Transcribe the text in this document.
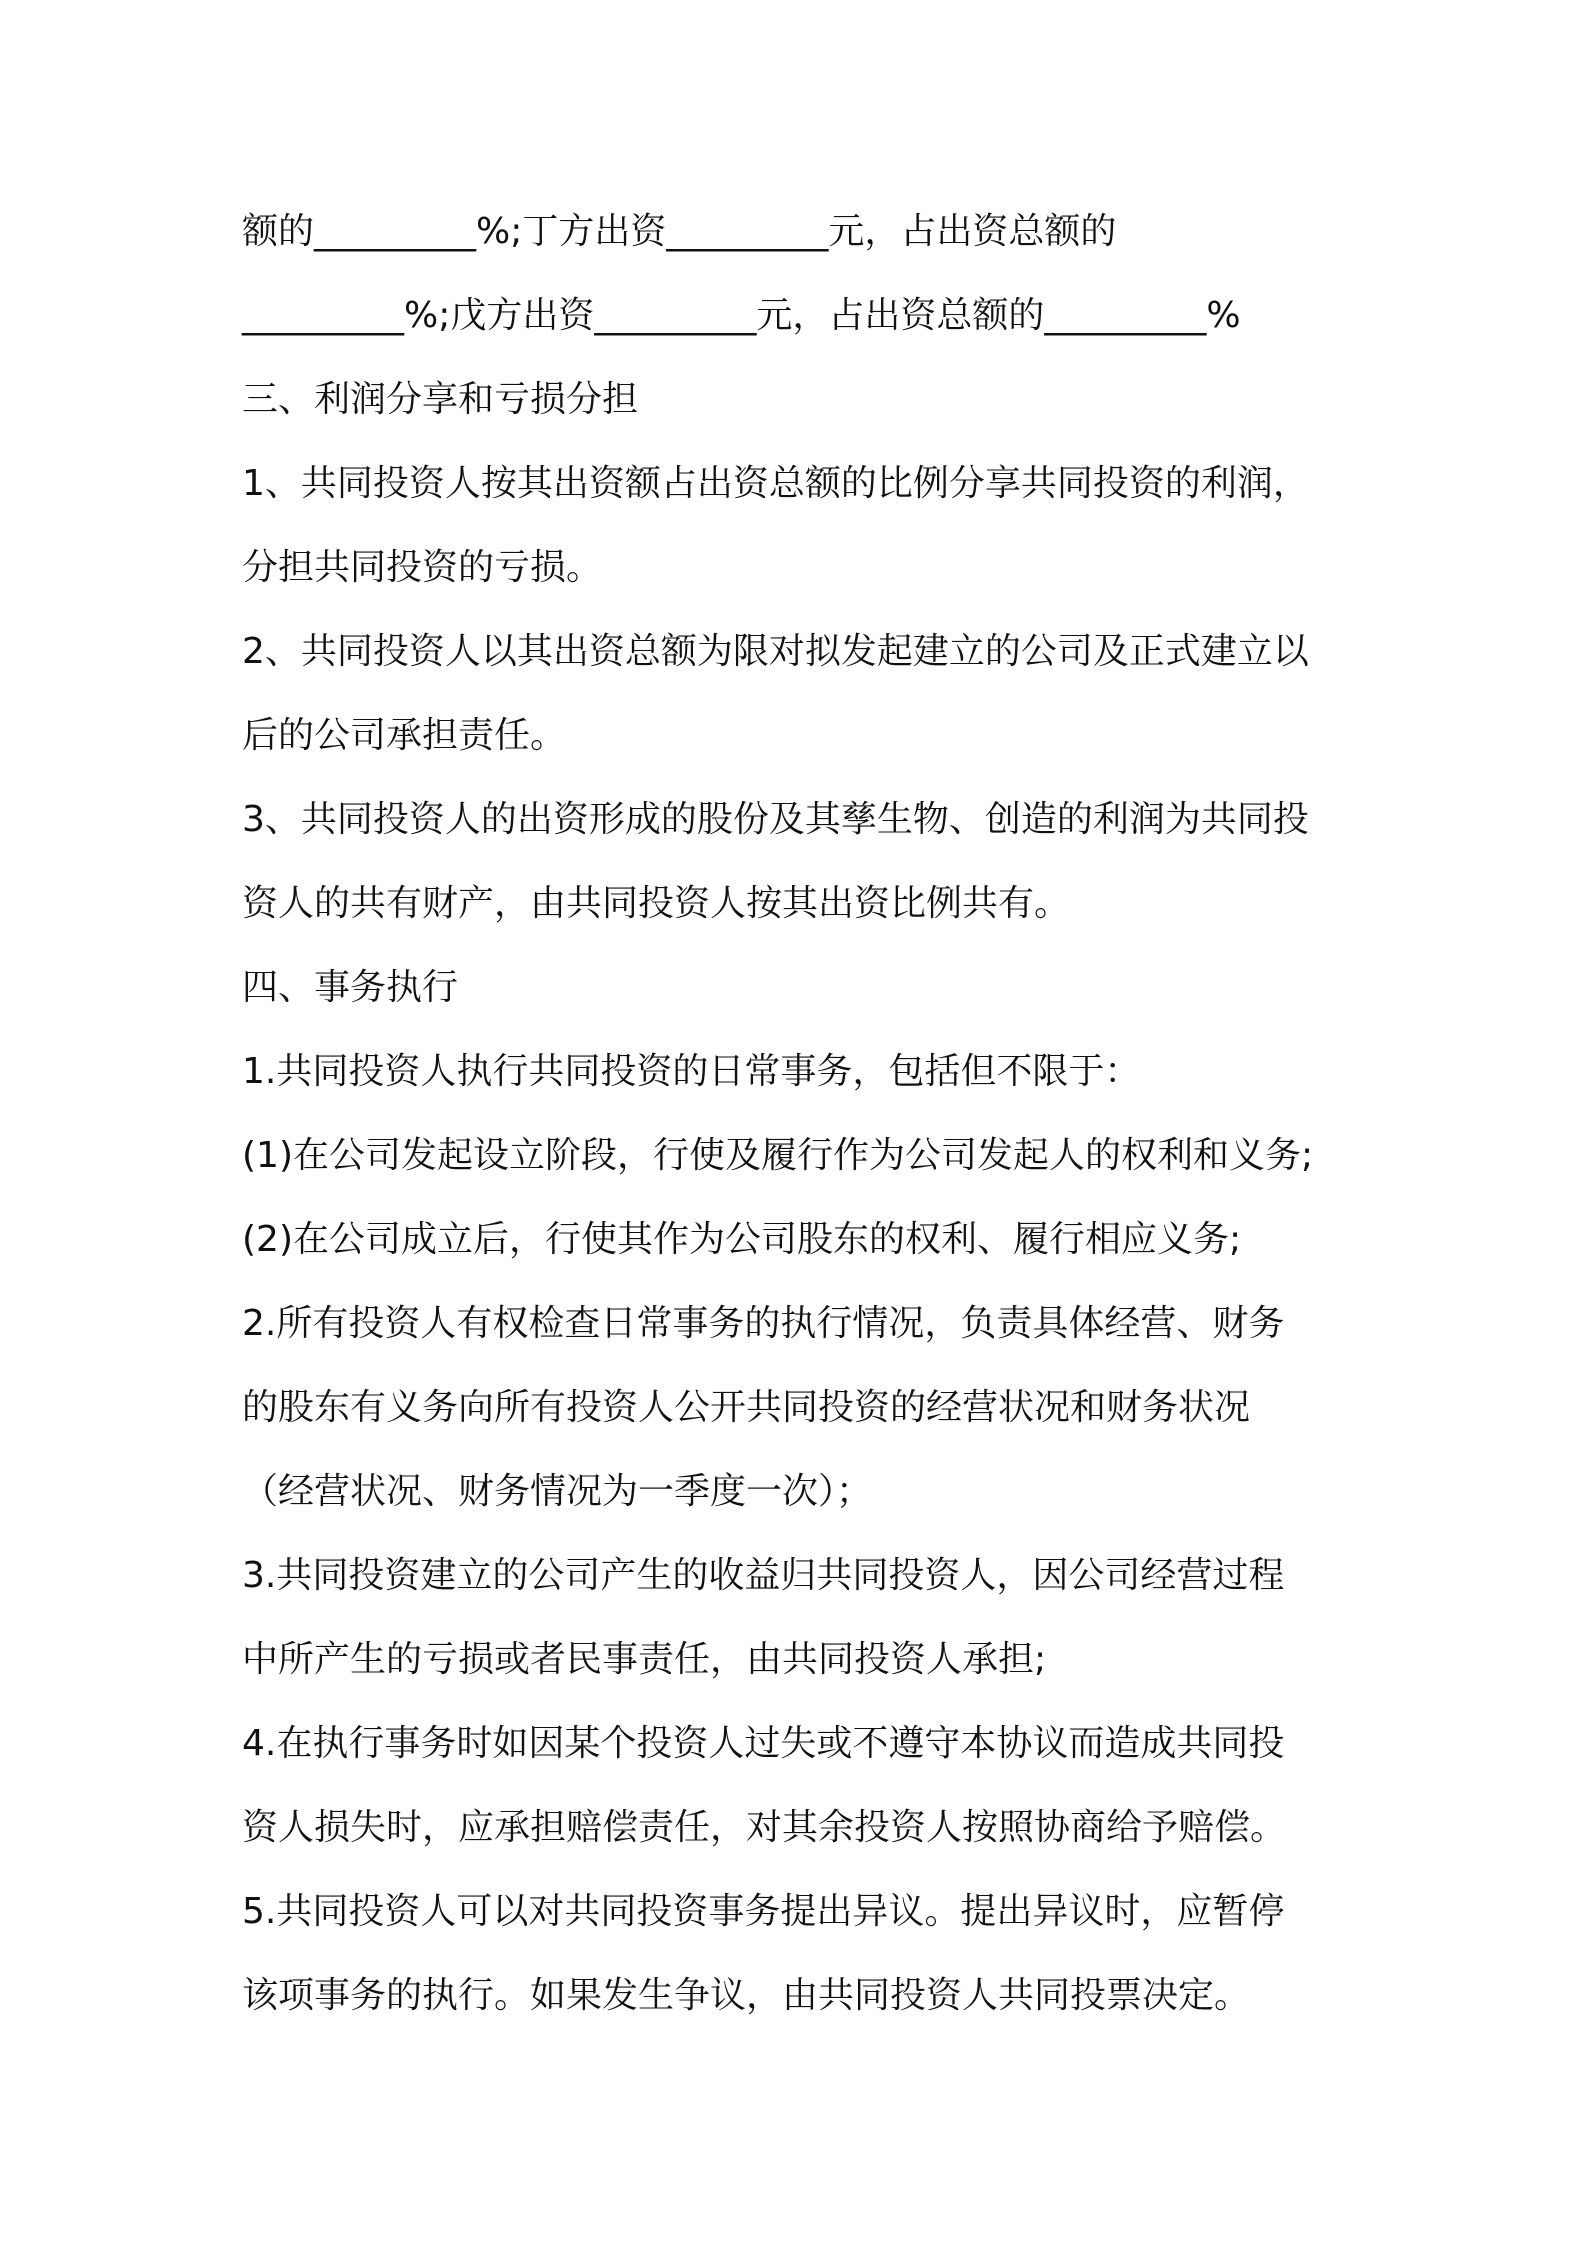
额的_________%;丁方出资_________元，占出资总额的
_________%;戊方出资_________元，占出资总额的_________%
三、利润分享和亏损分担
1、共同投资人按其出资额占出资总额的比例分享共同投资的利润，
分担共同投资的亏损。
2、共同投资人以其出资总额为限对拟发起建立的公司及正式建立以
后的公司承担责任。
3、共同投资人的出资形成的股份及其孳生物、创造的利润为共同投
资人的共有财产，由共同投资人按其出资比例共有。
四、事务执行
1.共同投资人执行共同投资的日常事务，包括但不限于：
(1)在公司发起设立阶段，行使及履行作为公司发起人的权利和义务;
(2)在公司成立后，行使其作为公司股东的权利、履行相应义务;
2.所有投资人有权检查日常事务的执行情况，负责具体经营、财务
的股东有义务向所有投资人公开共同投资的经营状况和财务状况
（经营状况、财务情况为一季度一次）；
3.共同投资建立的公司产生的收益归共同投资人，因公司经营过程
中所产生的亏损或者民事责任，由共同投资人承担;
4.在执行事务时如因某个投资人过失或不遵守本协议而造成共同投
资人损失时，应承担赔偿责任，对其余投资人按照协商给予赔偿。
5.共同投资人可以对共同投资事务提出异议。提出异议时，应暂停
该项事务的执行。如果发生争议，由共同投资人共同投票决定。
